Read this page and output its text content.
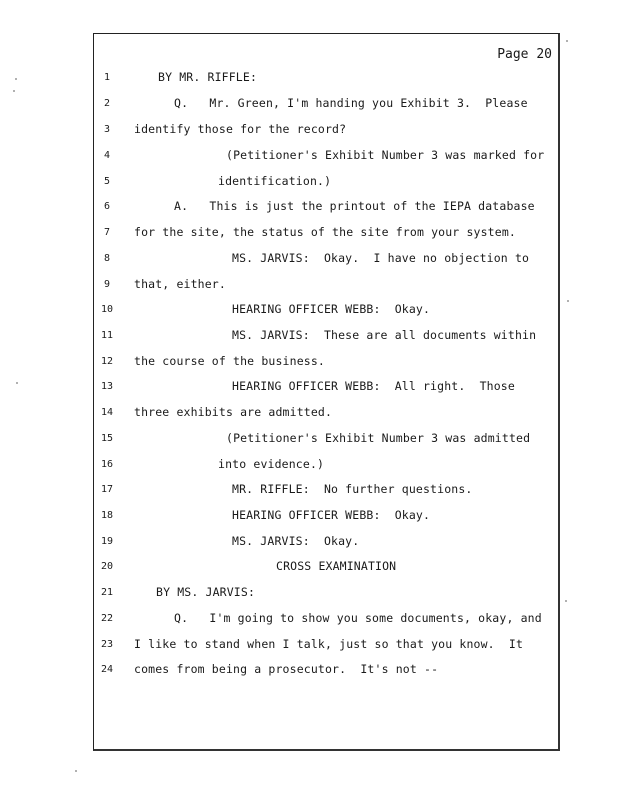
Page 20
1	BY MR. RIFFLE:
2	Q.   Mr. Green, I'm handing you Exhibit 3.  Please
3	identify those for the record?
4	(Petitioner's Exhibit Number 3 was marked for
5	identification.)
6	A.   This is just the printout of the IEPA database
7	for the site, the status of the site from your system.
8	MS. JARVIS:  Okay.  I have no objection to
9	that, either.
10	HEARING OFFICER WEBB:  Okay.
11	MS. JARVIS:  These are all documents within
12	the course of the business.
13	HEARING OFFICER WEBB:  All right.  Those
14	three exhibits are admitted.
15	(Petitioner's Exhibit Number 3 was admitted
16	into evidence.)
17	MR. RIFFLE:  No further questions.
18	HEARING OFFICER WEBB:  Okay.
19	MS. JARVIS:  Okay.
20	CROSS EXAMINATION
21	BY MS. JARVIS:
22	Q.   I'm going to show you some documents, okay, and
23	I like to stand when I talk, just so that you know.  It
24	comes from being a prosecutor.  It's not --
